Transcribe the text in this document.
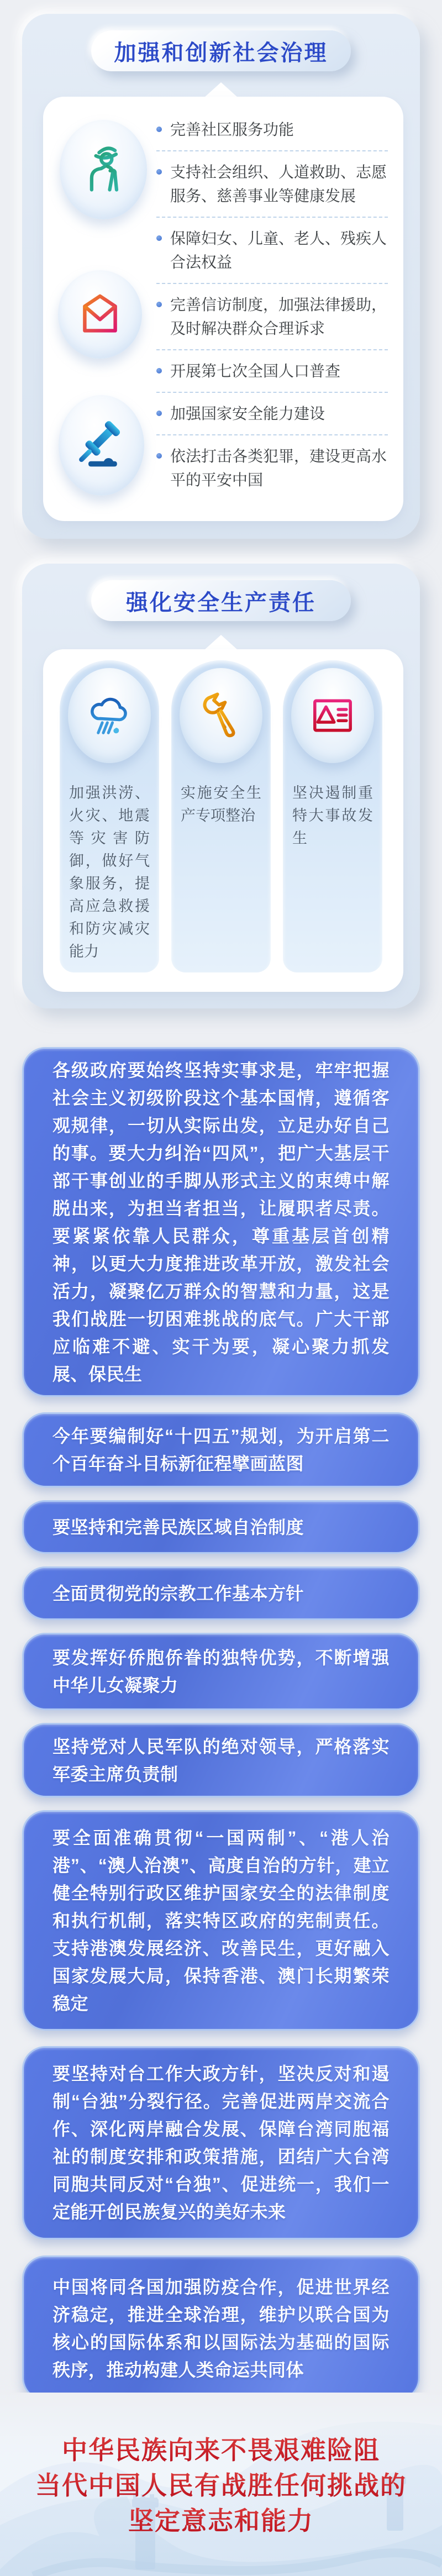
加强和创新社会治理
完善社区服务功能
支持社会组织、人道救助、志愿服务、慈善事业等健康发展
保障妇女、儿童、老人、残疾人合法权益
完善信访制度，加强法律援助，及时解决群众合理诉求
开展第七次全国人口普查
加强国家安全能力建设
依法打击各类犯罪，建设更高水平的平安中国
强化安全生产责任
加强洪涝、火灾、地震等灾害防御，做好气象服务，提高应急救援和防灾减灾能力
实施安全生产专项整治
坚决遏制重特大事故发生

各级政府要始终坚持实事求是，牢牢把握社会主义初级阶段这个基本国情，遵循客观规律，一切从实际出发，立足办好自己的事。要大力纠治“四风”，把广大基层干部干事创业的手脚从形式主义的束缚中解脱出来，为担当者担当，让履职者尽责。要紧紧依靠人民群众，尊重基层首创精神，以更大力度推进改革开放，激发社会活力，凝聚亿万群众的智慧和力量，这是我们战胜一切困难挑战的底气。广大干部应临难不避、实干为要，凝心聚力抓发展、保民生

今年要编制好“十四五”规划，为开启第二个百年奋斗目标新征程擘画蓝图

要坚持和完善民族区域自治制度

全面贯彻党的宗教工作基本方针

要发挥好侨胞侨眷的独特优势，不断增强中华儿女凝聚力

坚持党对人民军队的绝对领导，严格落实军委主席负责制

要全面准确贯彻“一国两制”、“港人治港”、“澳人治澳”、高度自治的方针，建立健全特别行政区维护国家安全的法律制度和执行机制，落实特区政府的宪制责任。支持港澳发展经济、改善民生，更好融入国家发展大局，保持香港、澳门长期繁荣稳定

要坚持对台工作大政方针，坚决反对和遏制“台独”分裂行径。完善促进两岸交流合作、深化两岸融合发展、保障台湾同胞福祉的制度安排和政策措施，团结广大台湾同胞共同反对“台独”、促进统一，我们一定能开创民族复兴的美好未来

中国将同各国加强防疫合作，促进世界经济稳定，推进全球治理，维护以联合国为核心的国际体系和以国际法为基础的国际秩序，推动构建人类命运共同体

中华民族向来不畏艰难险阻
当代中国人民有战胜任何挑战的
坚定意志和能力
